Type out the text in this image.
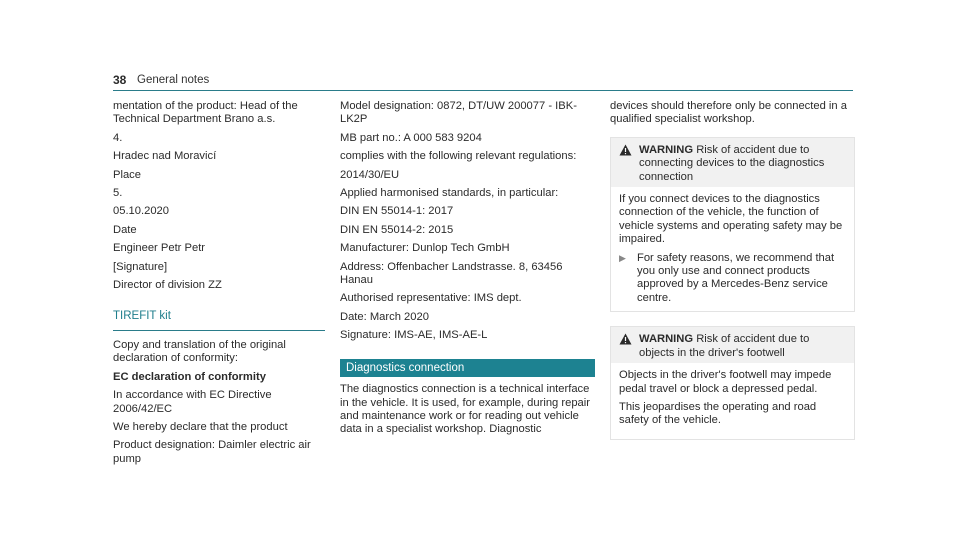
38 General notes

mentation of the product: Head of the Technical Department Brano a.s.

4.

Hradec nad Moravicí

Place

5.

05.10.2020

Date

Engineer Petr Petr

[Signature]

Director of division ZZ

TIREFIT kit

Copy and translation of the original declaration of conformity:

EC declaration of conformity

In accordance with EC Directive 2006/42/EC

We hereby declare that the product

Product designation: Daimler electric air pump

Model designation: 0872, DT/UW 200077 - IBK-LK2P

MB part no.: A 000 583 9204

complies with the following relevant regulations:

2014/30/EU

Applied harmonised standards, in particular:

DIN EN 55014-1: 2017

DIN EN 55014-2: 2015

Manufacturer: Dunlop Tech GmbH

Address: Offenbacher Landstrasse. 8, 63456 Hanau

Authorised representative: IMS dept.

Date: March 2020

Signature: IMS-AE, IMS-AE-L

Diagnostics connection

The diagnostics connection is a technical interface in the vehicle. It is used, for example, during repair and maintenance work or for reading out vehicle data in a specialist workshop. Diagnostic

devices should therefore only be connected in a qualified specialist workshop.

WARNING Risk of accident due to connecting devices to the diagnostics connection

If you connect devices to the diagnostics connection of the vehicle, the function of vehicle systems and operating safety may be impaired.

▶ For safety reasons, we recommend that you only use and connect products approved by a Mercedes-Benz service centre.
WARNING Risk of accident due to objects in the driver's footwell

Objects in the driver's footwell may impede pedal travel or block a depressed pedal.

This jeopardises the operating and road safety of the vehicle.
